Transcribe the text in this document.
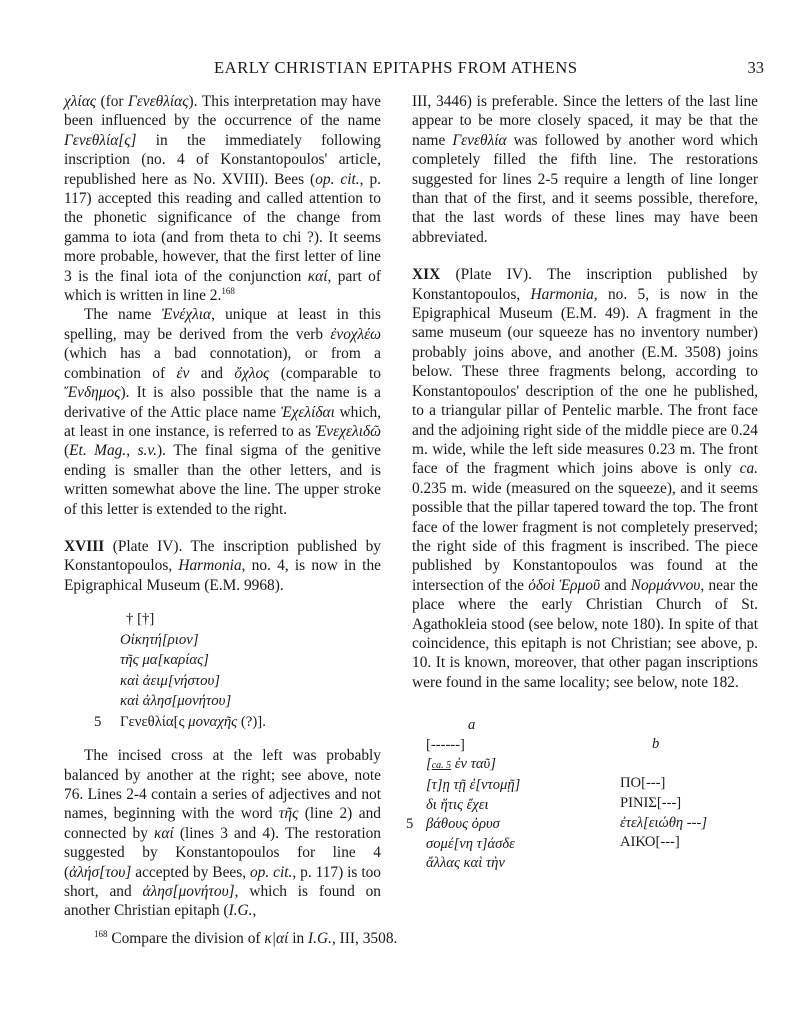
EARLY CHRISTIAN EPITAPHS FROM ATHENS	33

χλίας (for Γενεθλίας). This interpretation may have been influenced by the occurrence of the name Γενεθλία[ς] in the immediately following inscription (no. 4 of Konstantopoulos' article, republished here as No. XVIII). Bees (op. cit., p. 117) accepted this reading and called attention to the phonetic significance of the change from gamma to iota (and from theta to chi ?). It seems more probable, however, that the first letter of line 3 is the final iota of the conjunction καί, part of which is written in line 2.$^{168}$

The name Ἐνέχλια, unique at least in this spelling, may be derived from the verb ἐνοχλέω (which has a bad connotation), or from a combination of ἐν and ὄχλος (comparable to Ἔνδημος). It is also possible that the name is a derivative of the Attic place name Ἐχελίδαι which, at least in one instance, is referred to as Ἐνεχελιδῶ (Et. Mag., s.v.). The final sigma of the genitive ending is smaller than the other letters, and is written somewhat above the line. The upper stroke of this letter is extended to the right.

XVIII (Plate IV). The inscription published by Konstantopoulos, Harmonia, no. 4, is now in the Epigraphical Museum (E.M. 9968).

† [†]
Οἰκητή[ριον]
τῆς μα[καρίας]
καὶ ἀειμ[νήστου]
καὶ ἀλησ[μονήτου]
5 Γενεθλία[ς μοναχῆς (?)].

The incised cross at the left was probably balanced by another at the right; see above, note 76. Lines 2-4 contain a series of adjectives and not names, beginning with the word τῆς (line 2) and connected by καί (lines 3 and 4). The restoration suggested by Konstantopoulos for line 4 (ἀλήσ[του] accepted by Bees, op. cit., p. 117) is too short, and ἀλησ[μονήτου], which is found on another Christian epitaph (I.G.,

III, 3446) is preferable. Since the letters of the last line appear to be more closely spaced, it may be that the name Γενεθλία was followed by another word which completely filled the fifth line. The restorations suggested for lines 2-5 require a length of line longer than that of the first, and it seems possible, therefore, that the last words of these lines may have been abbreviated.

XIX (Plate IV). The inscription published by Konstantopoulos, Harmonia, no. 5, is now in the Epigraphical Museum (E.M. 49). A fragment in the same museum (our squeeze has no inventory number) probably joins above, and another (E.M. 3508) joins below. These three fragments belong, according to Konstantopoulos' description of the one he published, to a triangular pillar of Pentelic marble. The front face and the adjoining right side of the middle piece are 0.24 m. wide, while the left side measures 0.23 m. The front face of the fragment which joins above is only ca. 0.235 m. wide (measured on the squeeze), and it seems possible that the pillar tapered toward the top. The front face of the lower fragment is not completely preserved; the right side of this fragment is inscribed. The piece published by Konstantopoulos was found at the intersection of the ὁδοὶ Ἑρμοῦ and Νορμάννου, near the place where the early Christian Church of St. Agathokleia stood (see below, note 180). In spite of that coincidence, this epitaph is not Christian; see above, p. 10. It is known, moreover, that other pagan inscriptions were found in the same locality; see below, note 182.

a
[------]
[ca. 5 ἐν ταῦ]
[τ]ῃ τῇ ἐ[ντομῇ]
δι ἥτις ἔχει
5 βάθους ὀρυσ
σομέ[νη τ]άσδε
ἄλλας καὶ τὴν
b
ΠΟ[---]
ΡΙΝΙΣ[---]
ἐτελ[ειώθη ---]
ΑΙΚΟ[---]
$^{168}$ Compare the division of κ|αί in I.G., III, 3508.
